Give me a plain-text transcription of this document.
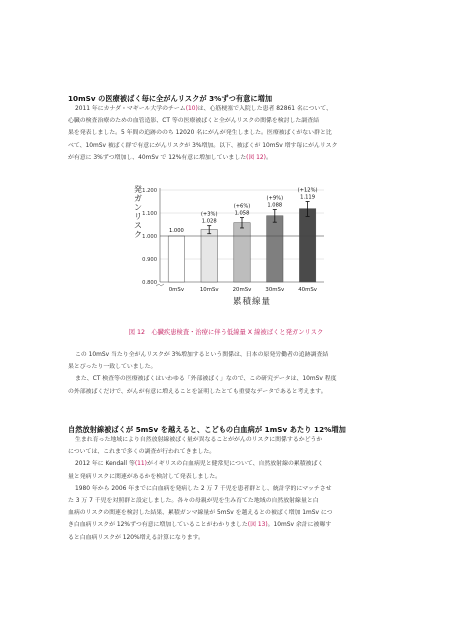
10mSv の医療被ばく毎に全がんリスクが 3%ずつ有意に増加
2011 年にカナダ・マギール大学のチーム(10)は、心筋梗塞で入院した患者 82861 名について、
心臓の検査治療のための血管造影、CT 等の医療被ばくと全がんリスクの関係を検討した調査結
果を発表しました。5 年間の追跡ののち 12020 名にがんが発生しました。医療被ばくがない群と比
べて、10mSv 被ばく群で有意にがんリスクが 3%増加。以下、被ばくが 10mSv 増す毎にがんリスク
が有意に 3%ずつ増加し、40mSv で 12%有意に増加していました(図 12)。
0.800
0.900
1.000
1.100
1.200
発
ガ
ン
リ
ス
ク	1.000
0mSv
1.028
(+3%)
10mSv
1.058
(+6%)
20mSv
1.088
(+9%)
30mSv
1.119
(+12%)
40mSv
累積線量
図 12　心臓疾患検査・治療に伴う低線量 X 線被ばくと発ガンリスク
この 10mSv 当たり全がんリスクが 3%増加するという関係は、日本の原発労働者の追跡調査結
果とぴったり一致していました。
また、CT 検査等の医療被ばくはいわゆる「外部被ばく」なので、この研究データは、10mSv 程度
の外部被ばくだけで、がんが有意に増えることを証明したとても重要なデータであると考えます。
自然放射線被ばくが 5mSv を越えると、こどもの白血病が 1mSv あたり 12%増加
生まれ育った地域により自然放射線被ばく量が異なることががんのリスクに関係するかどうか
については、これまで多くの調査が行われてきました。
2012 年に Kendall 等(11)がイギリスの白血病児と健常児について、自然放射線の累積被ばく
量と発病リスクに関連があるかを検討して発表しました。
1980 年から 2006 年までに白血病を発病した 2 万 7 千児を患者群とし、統計学的にマッチさせ
た 3 万 7 千児を対照群と設定しました。各々の母親が児を生み育てた地域の自然放射線量と白
血病のリスクの関連を検討した結果、累積ガンマ線量が 5mSv を越えるとの被ばく増加 1mSv につ
き白血病リスクが 12%ずつ有意に増加していることがわかりました(図 13)。10mSv 余計に被曝す
ると白血病リスクが 120%増える計算になります。
